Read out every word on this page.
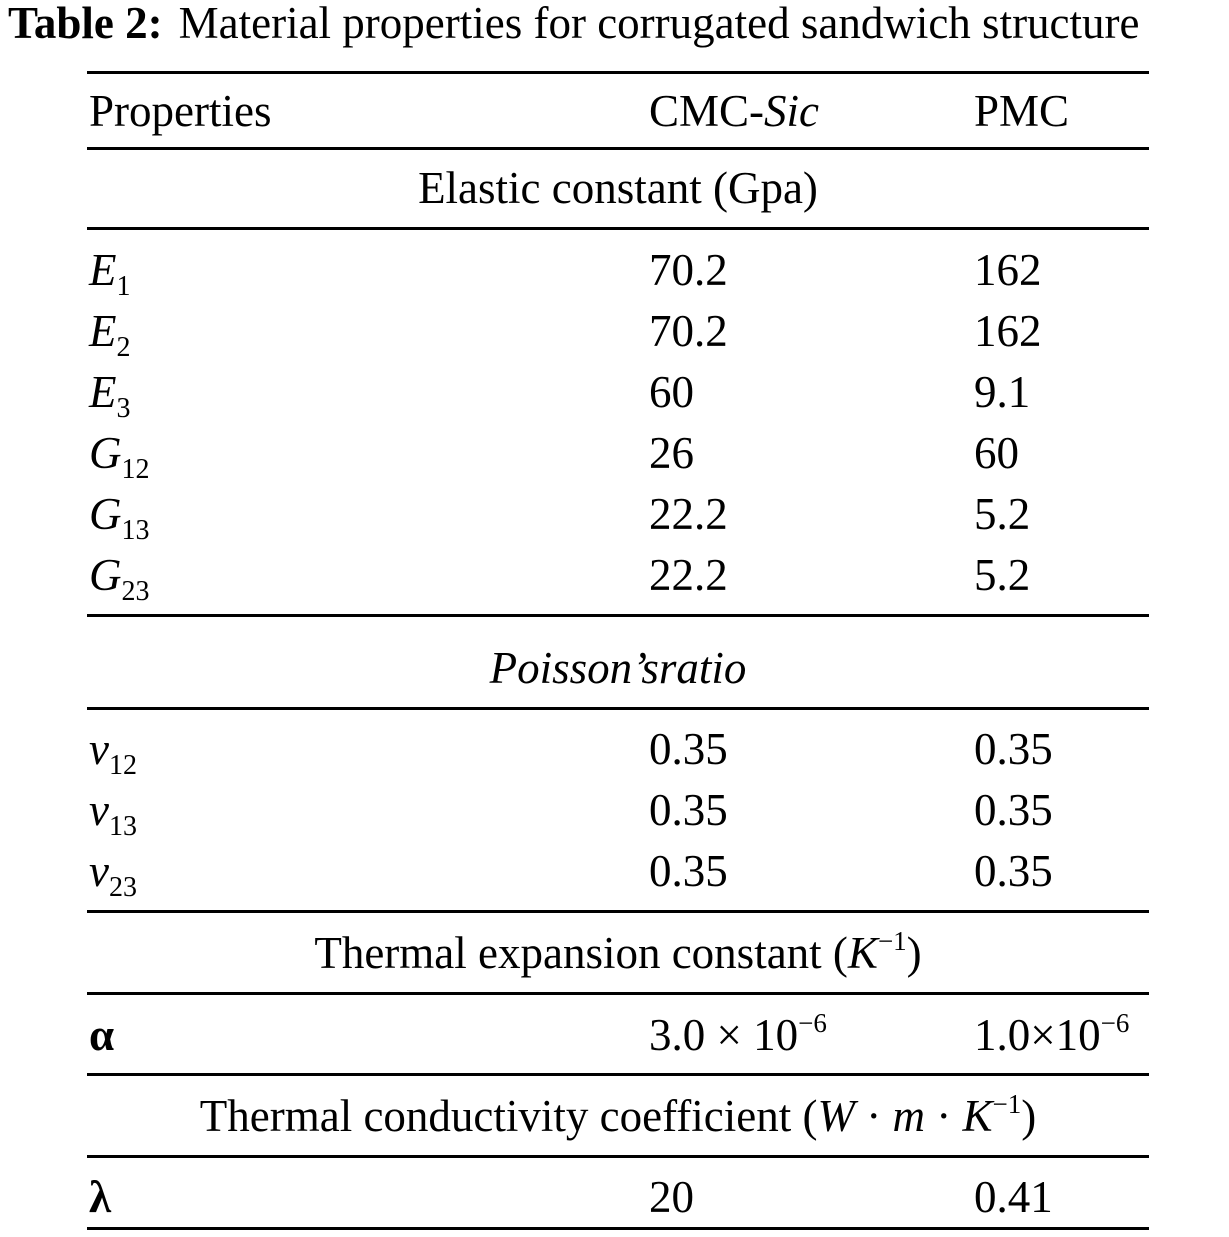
Table 2: Material properties for corrugated sandwich structure
Properties	CMC-Sic	PMC
Elastic constant (Gpa)
$E_1$	70.2	162
$E_2$	70.2	162
$E_3$	60	9.1
$G_{12}$	26	60
$G_{13}$	22.2	5.2
$G_{23}$	22.2	5.2
Poisson’sratio
$\nu_{12}$	0.35	0.35
$\nu_{13}$	0.35	0.35
$\nu_{23}$	0.35	0.35
Thermal expansion constant $(K^{-1})$
α	$3.0 \times 10^{-6}$	$1.0\times 10^{-6}$
Thermal conductivity coefficient $(W \cdot m \cdot K^{-1})$
λ	20	0.41
